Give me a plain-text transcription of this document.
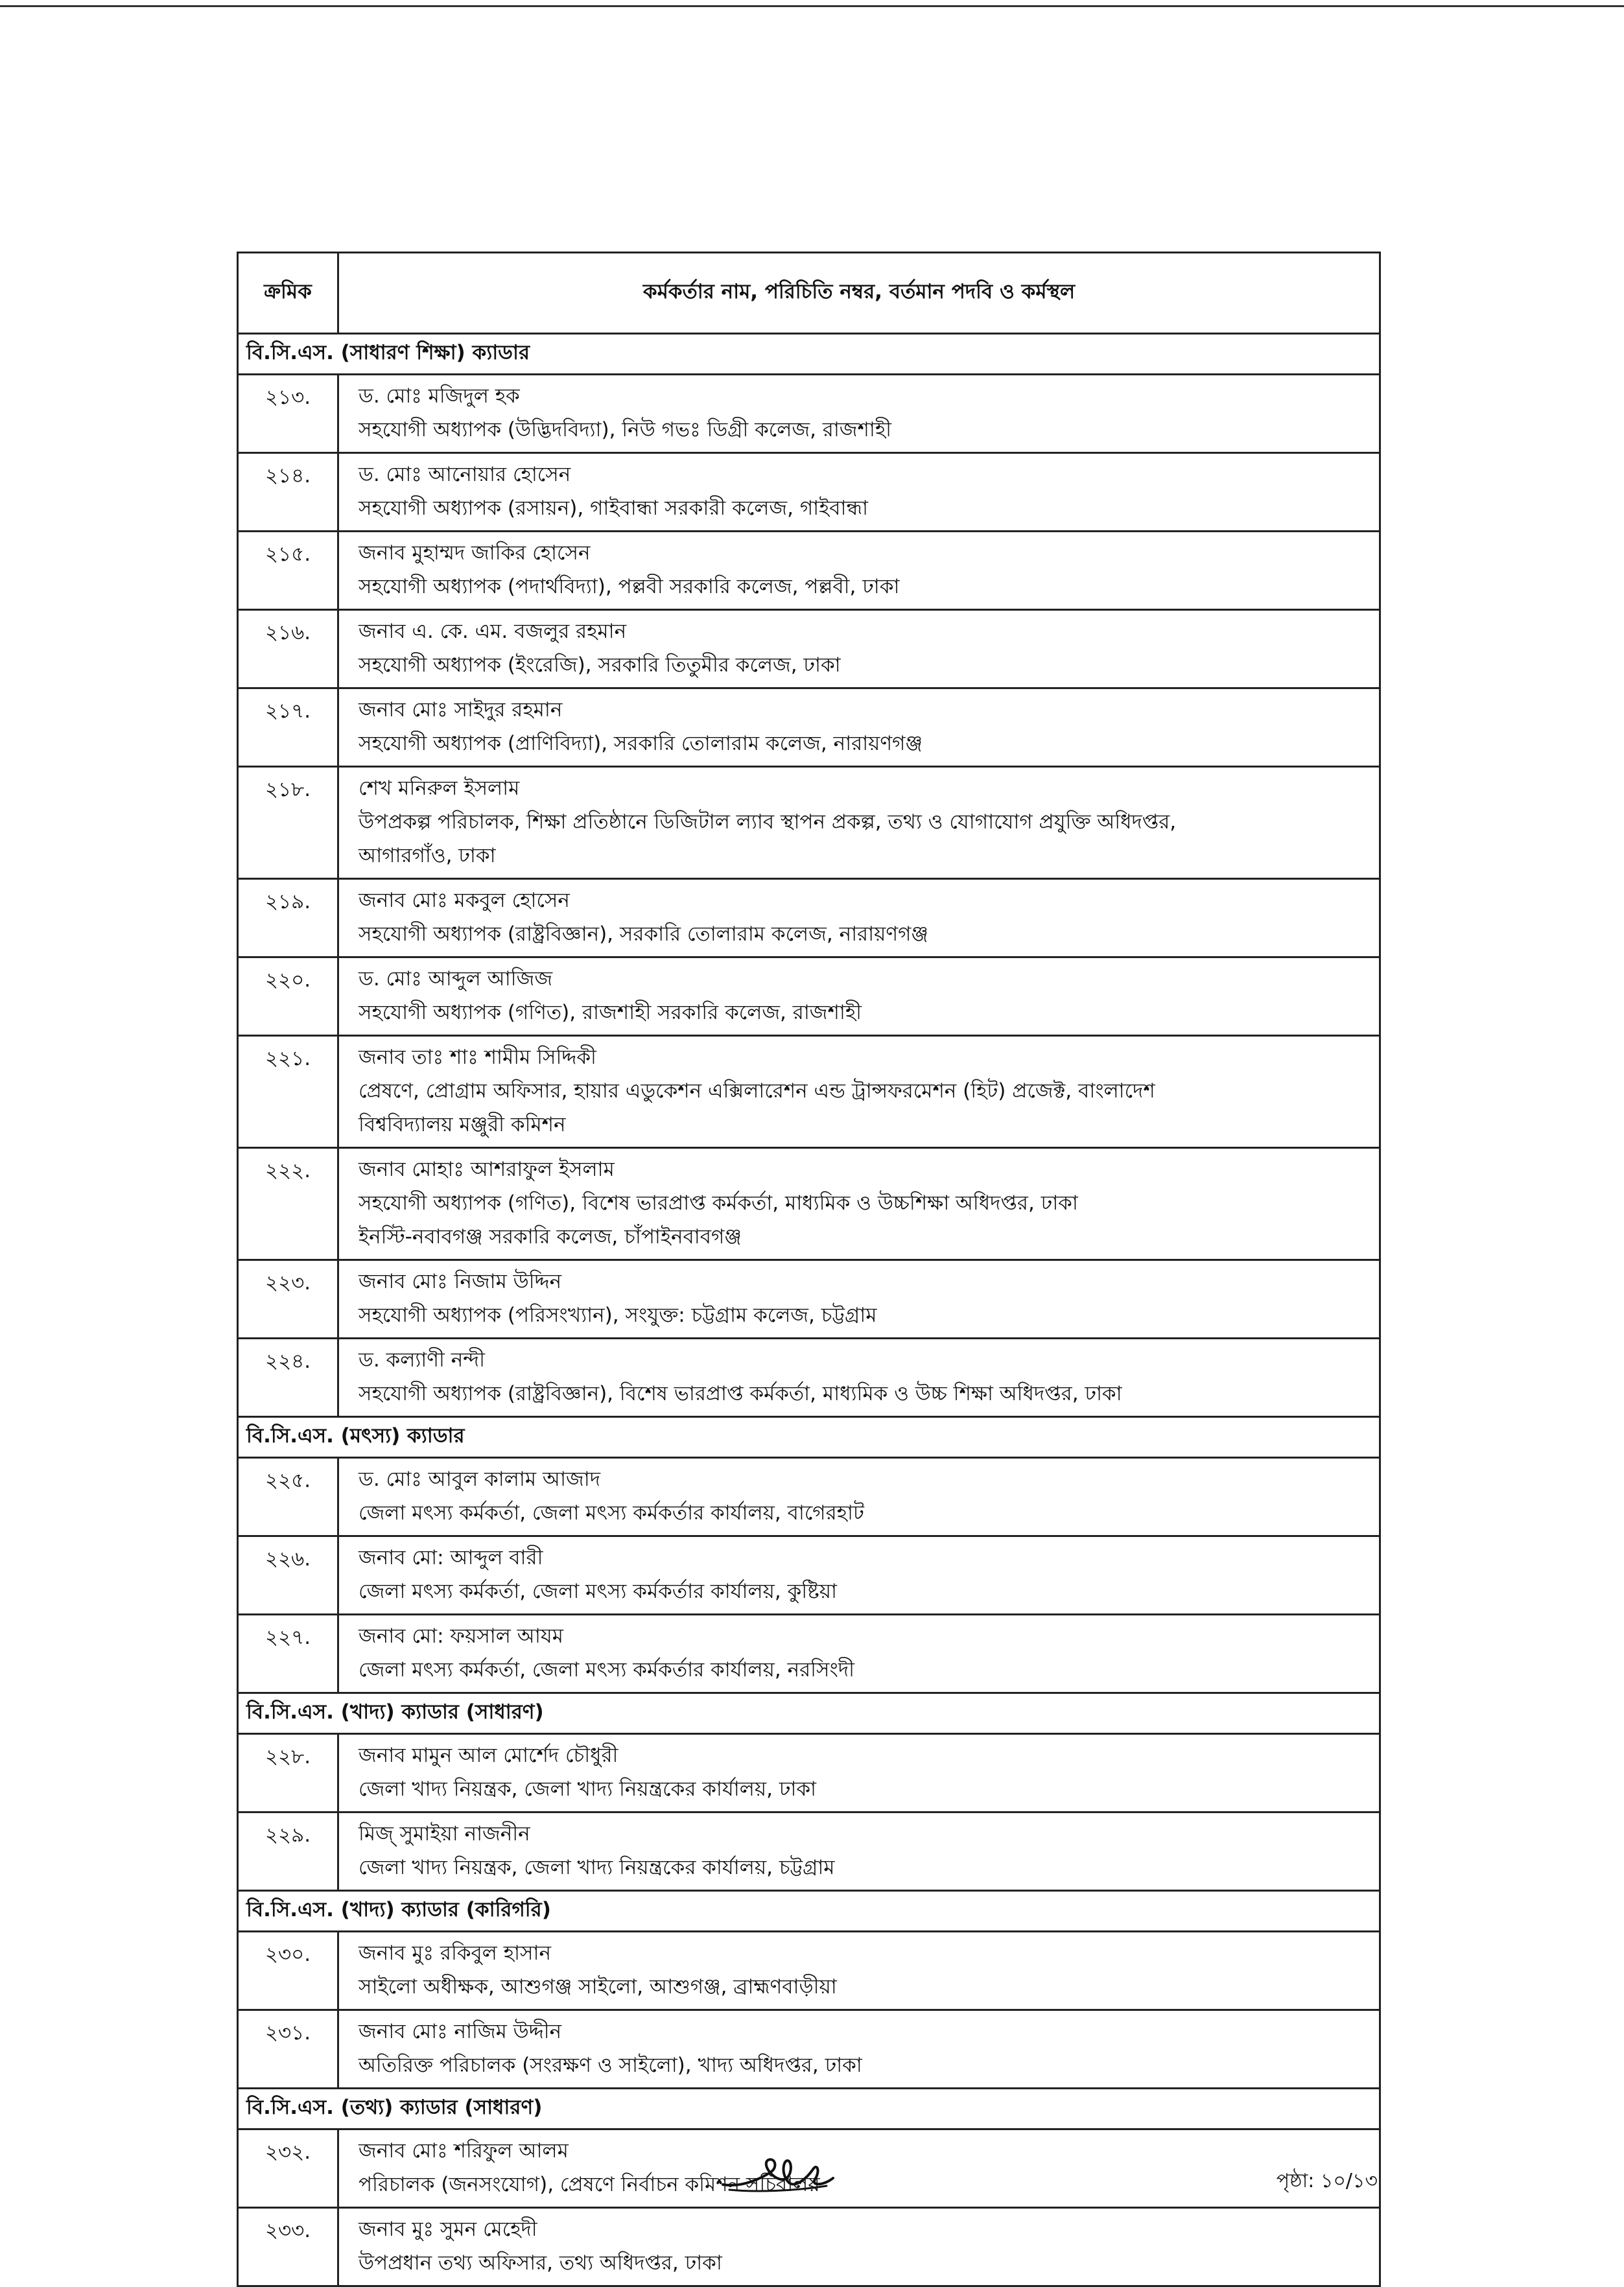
ক্রমিক	কর্মকর্তার নাম, পরিচিতি নম্বর, বর্তমান পদবি ও কর্মস্থল
বি.সি.এস. (সাধারণ শিক্ষা) ক্যাডার	
২১৩.	ড. মোঃ মজিদুল হক
সহযোগী অধ্যাপক (উদ্ভিদবিদ্যা), নিউ গভঃ ডিগ্রী কলেজ, রাজশাহী

২১৪.	ড. মোঃ আনোয়ার হোসেন
সহযোগী অধ্যাপক (রসায়ন), গাইবান্ধা সরকারী কলেজ, গাইবান্ধা

২১৫.	জনাব মুহাম্মদ জাকির হোসেন
সহযোগী অধ্যাপক (পদার্থবিদ্যা), পল্লবী সরকারি কলেজ, পল্লবী, ঢাকা

২১৬.	জনাব এ. কে. এম. বজলুর রহমান
সহযোগী অধ্যাপক (ইংরেজি), সরকারি তিতুমীর কলেজ, ঢাকা

২১৭.	জনাব মোঃ সাইদুর রহমান
সহযোগী অধ্যাপক (প্রাণিবিদ্যা), সরকারি তোলারাম কলেজ, নারায়ণগঞ্জ

২১৮.	শেখ মনিরুল ইসলাম
উপপ্রকল্প পরিচালক, শিক্ষা প্রতিষ্ঠানে ডিজিটাল ল্যাব স্থাপন প্রকল্প, তথ্য ও যোগাযোগ প্রযুক্তি অধিদপ্তর,
আগারগাঁও, ঢাকা

২১৯.	জনাব মোঃ মকবুল হোসেন
সহযোগী অধ্যাপক (রাষ্ট্রবিজ্ঞান), সরকারি তোলারাম কলেজ, নারায়ণগঞ্জ

২২০.	ড. মোঃ আব্দুল আজিজ
সহযোগী অধ্যাপক (গণিত), রাজশাহী সরকারি কলেজ, রাজশাহী

২২১.	জনাব তাঃ শাঃ শামীম সিদ্দিকী
প্রেষণে, প্রোগ্রাম অফিসার, হায়ার এডুকেশন এক্সিলারেশন এন্ড ট্রান্সফরমেশন (হিট) প্রজেক্ট, বাংলাদেশ
বিশ্ববিদ্যালয় মঞ্জুরী কমিশন

২২২.	জনাব মোহাঃ আশরাফুল ইসলাম
সহযোগী অধ্যাপক (গণিত), বিশেষ ভারপ্রাপ্ত কর্মকর্তা, মাধ্যমিক ও উচ্চশিক্ষা অধিদপ্তর, ঢাকা
ইনস্টি-নবাবগঞ্জ সরকারি কলেজ, চাঁপাইনবাবগঞ্জ

২২৩.	জনাব মোঃ নিজাম উদ্দিন
সহযোগী অধ্যাপক (পরিসংখ্যান), সংযুক্ত: চট্টগ্রাম কলেজ, চট্টগ্রাম

২২৪.	ড. কল্যাণী নন্দী
সহযোগী অধ্যাপক (রাষ্ট্রবিজ্ঞান), বিশেষ ভারপ্রাপ্ত কর্মকর্তা, মাধ্যমিক ও উচ্চ শিক্ষা অধিদপ্তর, ঢাকা

বি.সি.এস. (মৎস্য) ক্যাডার	
২২৫.	ড. মোঃ আবুল কালাম আজাদ
জেলা মৎস্য কর্মকর্তা, জেলা মৎস্য কর্মকর্তার কার্যালয়, বাগেরহাট

২২৬.	জনাব মো: আব্দুল বারী
জেলা মৎস্য কর্মকর্তা, জেলা মৎস্য কর্মকর্তার কার্যালয়, কুষ্টিয়া

২২৭.	জনাব মো: ফয়সাল আযম
জেলা মৎস্য কর্মকর্তা, জেলা মৎস্য কর্মকর্তার কার্যালয়, নরসিংদী

বি.সি.এস. (খাদ্য) ক্যাডার (সাধারণ)	
২২৮.	জনাব মামুন আল মোর্শেদ চৌধুরী
জেলা খাদ্য নিয়ন্ত্রক, জেলা খাদ্য নিয়ন্ত্রকের কার্যালয়, ঢাকা

২২৯.	মিজ্ সুমাইয়া নাজনীন
জেলা খাদ্য নিয়ন্ত্রক, জেলা খাদ্য নিয়ন্ত্রকের কার্যালয়, চট্টগ্রাম

বি.সি.এস. (খাদ্য) ক্যাডার (কারিগরি)	
২৩০.	জনাব মুঃ রকিবুল হাসান
সাইলো অধীক্ষক, আশুগঞ্জ সাইলো, আশুগঞ্জ, ব্রাহ্মণবাড়ীয়া

২৩১.	জনাব মোঃ নাজিম উদ্দীন
অতিরিক্ত পরিচালক (সংরক্ষণ ও সাইলো), খাদ্য অধিদপ্তর, ঢাকা

বি.সি.এস. (তথ্য) ক্যাডার (সাধারণ)	
২৩২.	জনাব মোঃ শরিফুল আলম
পরিচালক (জনসংযোগ), প্রেষণে নির্বাচন কমিশন সচিবালয়

২৩৩.	জনাব মুঃ সুমন মেহেদী
উপপ্রধান তথ্য অফিসার, তথ্য অধিদপ্তর, ঢাকা
পৃষ্ঠা: ১০/১৩
